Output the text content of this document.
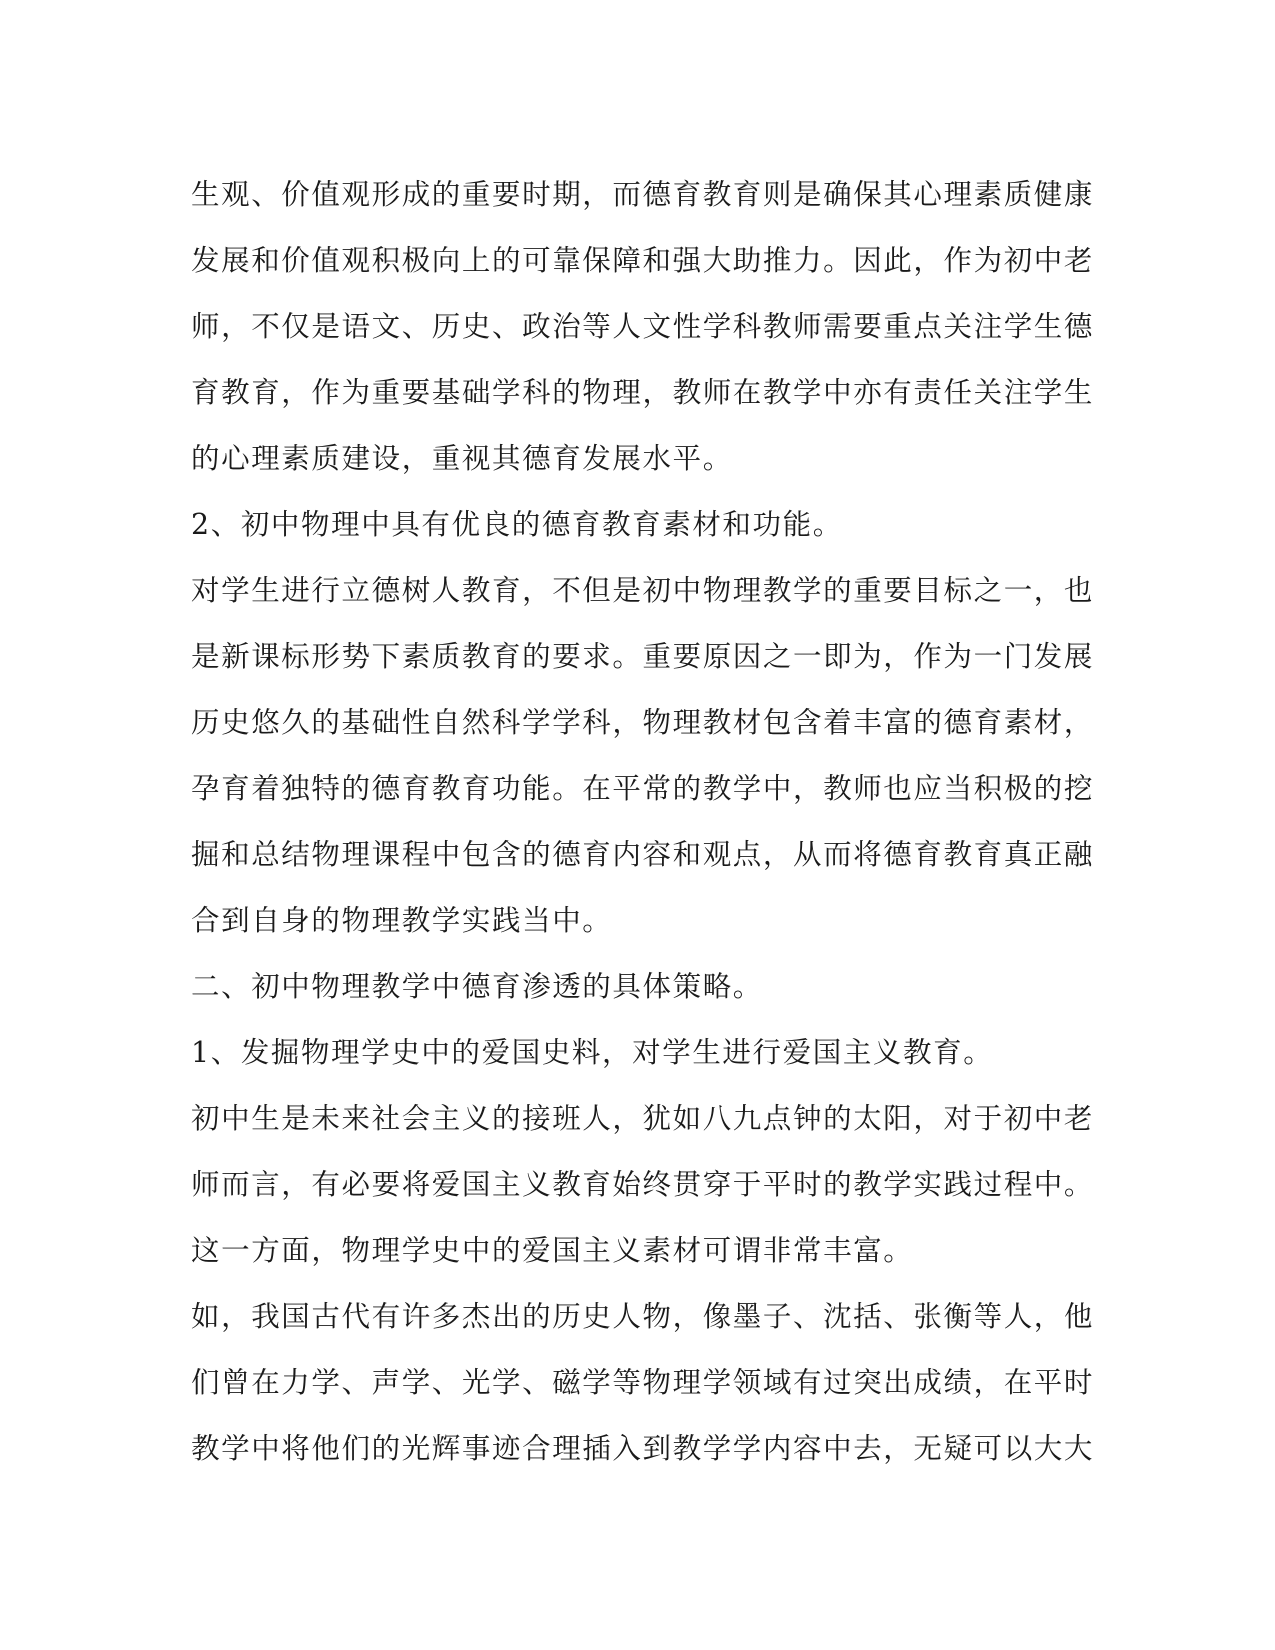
生观、价值观形成的重要时期，而德育教育则是确保其心理素质健康
发展和价值观积极向上的可靠保障和强大助推力。因此，作为初中老
师，不仅是语文、历史、政治等人文性学科教师需要重点关注学生德
育教育，作为重要基础学科的物理，教师在教学中亦有责任关注学生
的心理素质建设，重视其德育发展水平。
2、初中物理中具有优良的德育教育素材和功能。
对学生进行立德树人教育，不但是初中物理教学的重要目标之一，也
是新课标形势下素质教育的要求。重要原因之一即为，作为一门发展
历史悠久的基础性自然科学学科，物理教材包含着丰富的德育素材，
孕育着独特的德育教育功能。在平常的教学中，教师也应当积极的挖
掘和总结物理课程中包含的德育内容和观点，从而将德育教育真正融
合到自身的物理教学实践当中。
二、初中物理教学中德育渗透的具体策略。
1、发掘物理学史中的爱国史料，对学生进行爱国主义教育。
初中生是未来社会主义的接班人，犹如八九点钟的太阳，对于初中老
师而言，有必要将爱国主义教育始终贯穿于平时的教学实践过程中。
这一方面，物理学史中的爱国主义素材可谓非常丰富。
如，我国古代有许多杰出的历史人物，像墨子、沈括、张衡等人，他
们曾在力学、声学、光学、磁学等物理学领域有过突出成绩，在平时
教学中将他们的光辉事迹合理插入到教学学内容中去，无疑可以大大
